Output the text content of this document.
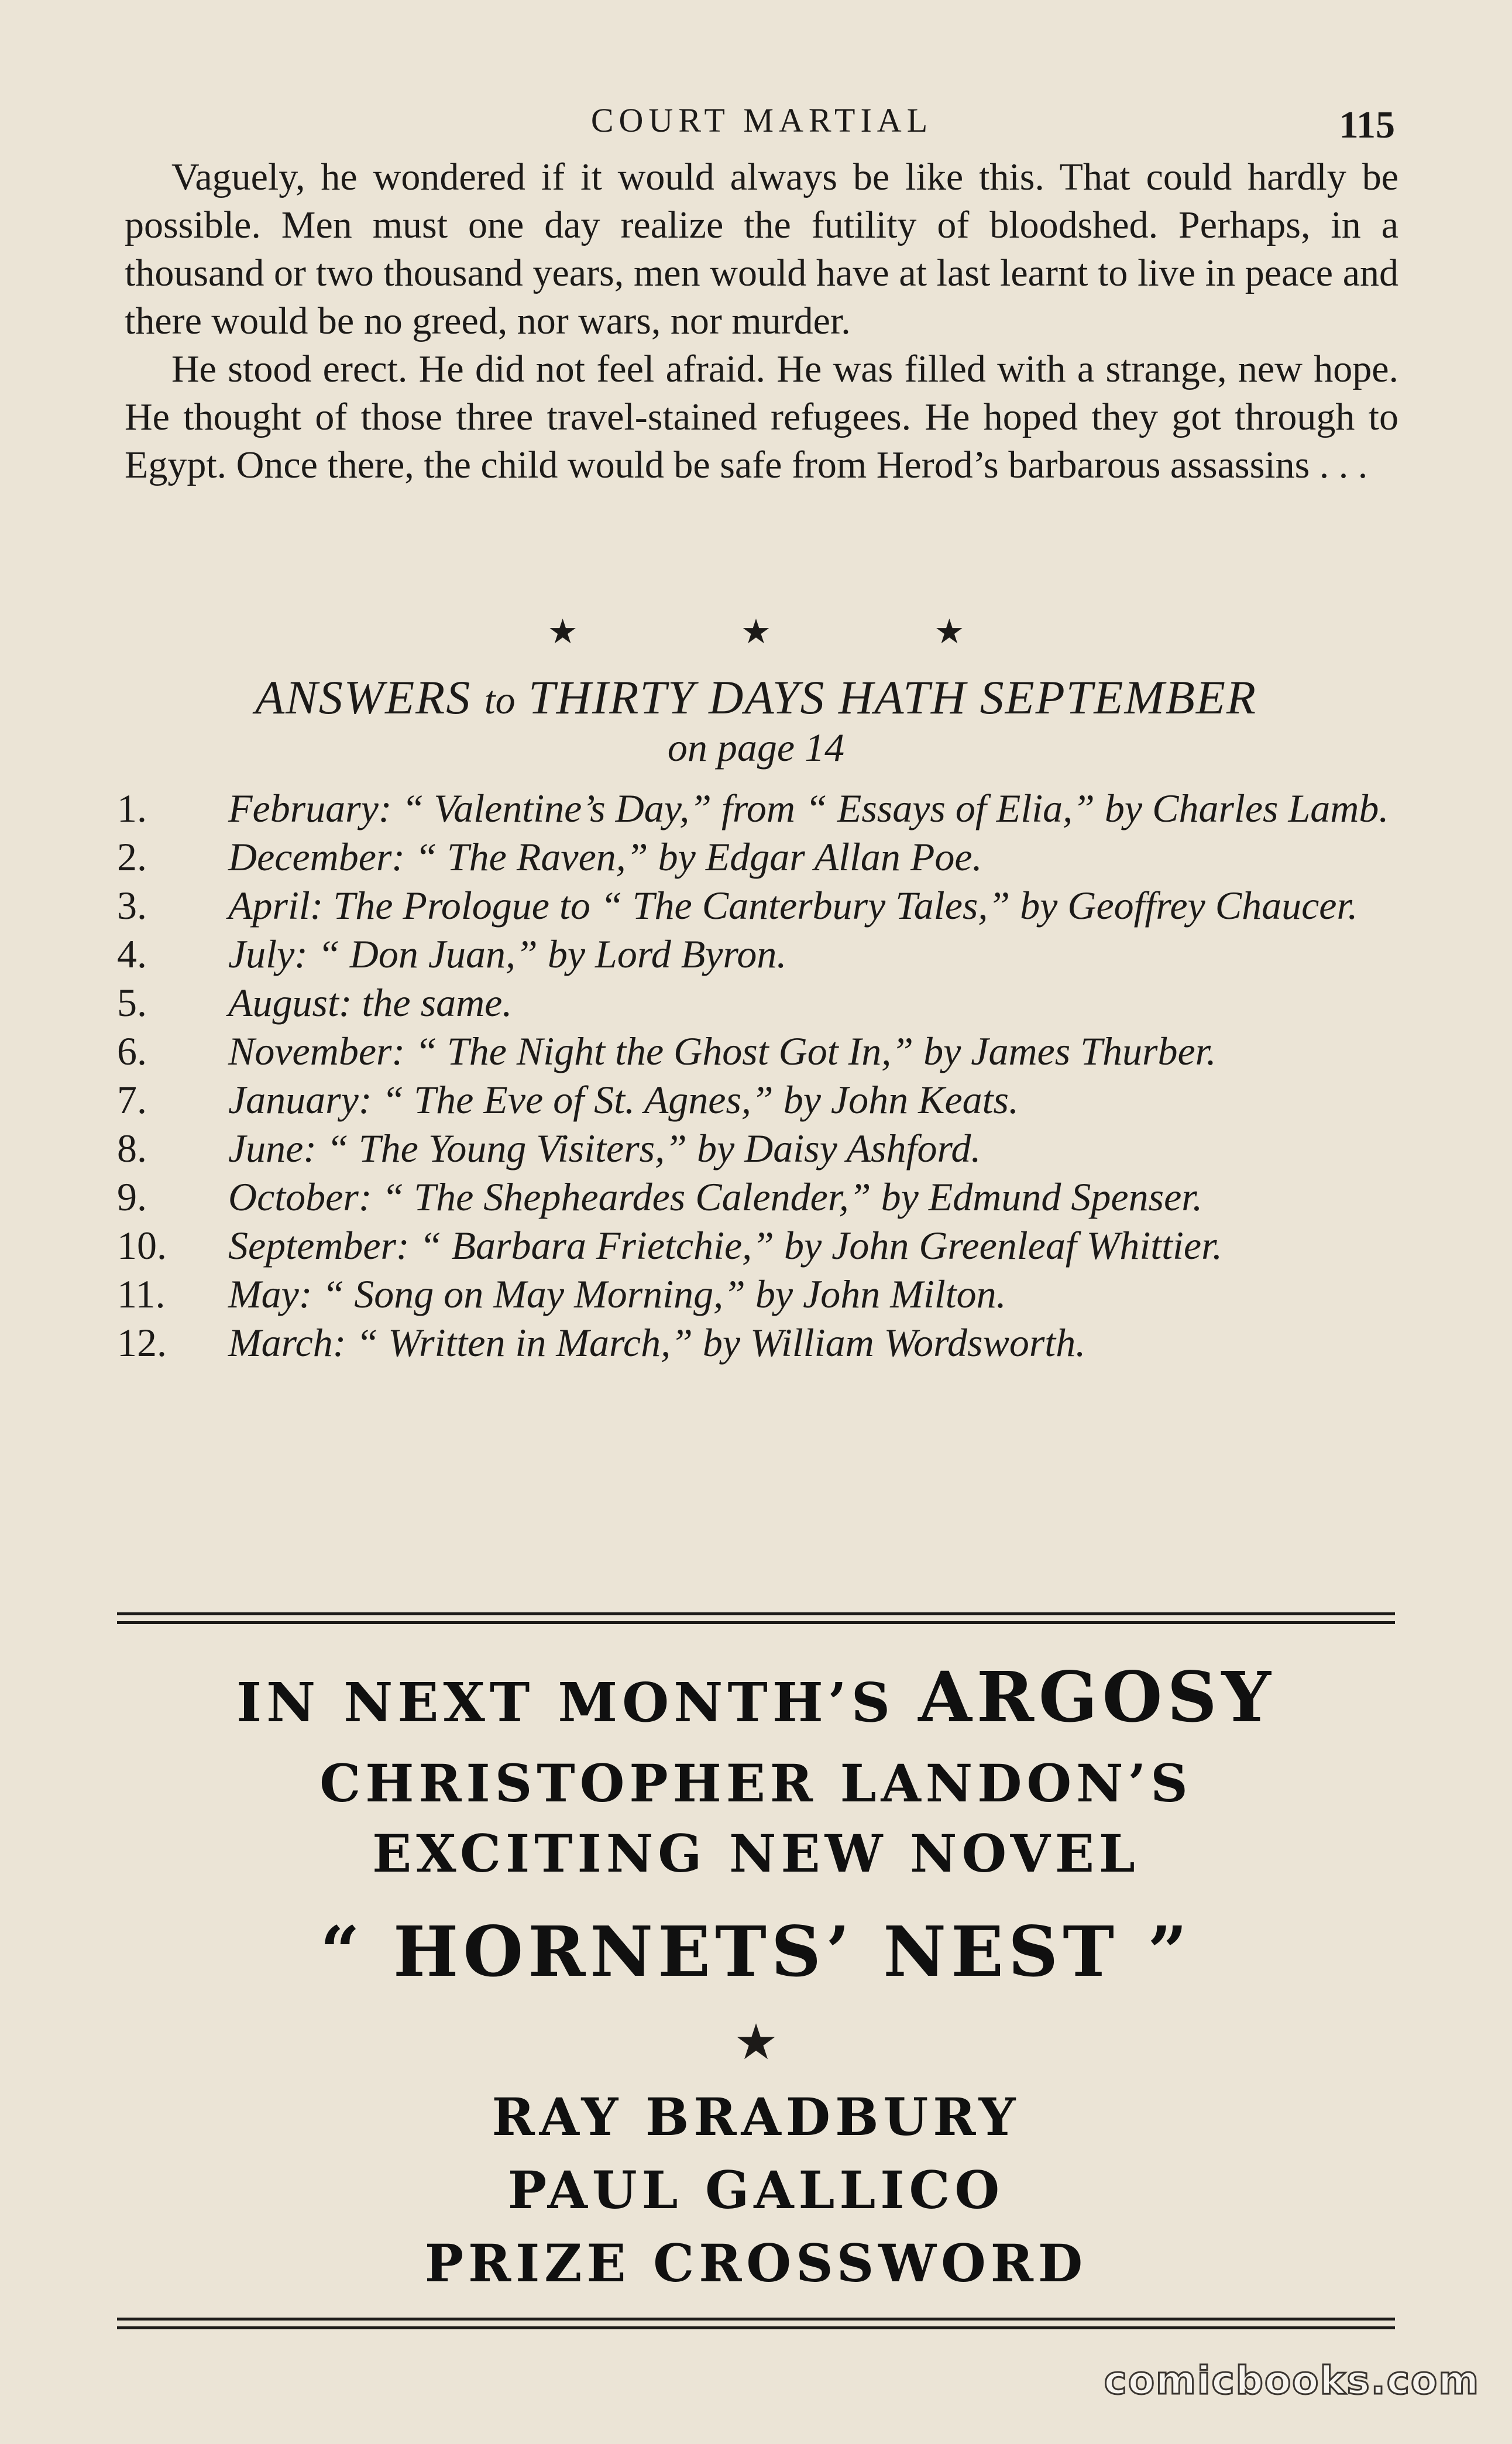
COURT MARTIAL	115

Vaguely, he wondered if it would always be like this. That could hardly be possible. Men must one day realize the futility of bloodshed. Perhaps, in a thousand or two thousand years, men would have at last learnt to live in peace and there would be no greed, nor wars, nor murder.

He stood erect. He did not feel afraid. He was filled with a strange, new hope. He thought of those three travel-stained refugees. He hoped they got through to Egypt. Once there, the child would be safe from Herod’s barbarous assassins . . .

★ ★ ★
ANSWERS to THIRTY DAYS HATH SEPTEMBER
on page 14
1.	February: “ Valentine’s Day,” from “ Essays of Elia,” by Charles Lamb.
2.	December: “ The Raven,” by Edgar Allan Poe.
3.	April: The Prologue to “ The Canterbury Tales,” by Geoffrey Chaucer.
4.	July: “ Don Juan,” by Lord Byron.
5.	August: the same.
6.	November: “ The Night the Ghost Got In,” by James Thurber.
7.	January: “ The Eve of St. Agnes,” by John Keats.
8.	June: “ The Young Visiters,” by Daisy Ashford.
9.	October: “ The Shepheardes Calender,” by Edmund Spenser.
10.	September: “ Barbara Frietchie,” by John Greenleaf Whittier.
11.	May: “ Song on May Morning,” by John Milton.
12.	March: “ Written in March,” by William Wordsworth.
IN NEXT MONTH’S ARGOSY
CHRISTOPHER LANDON’S
EXCITING NEW NOVEL
“ HORNETS’ NEST ”
★
RAY BRADBURY
PAUL GALLICO
PRIZE CROSSWORD
comicbooks.com
